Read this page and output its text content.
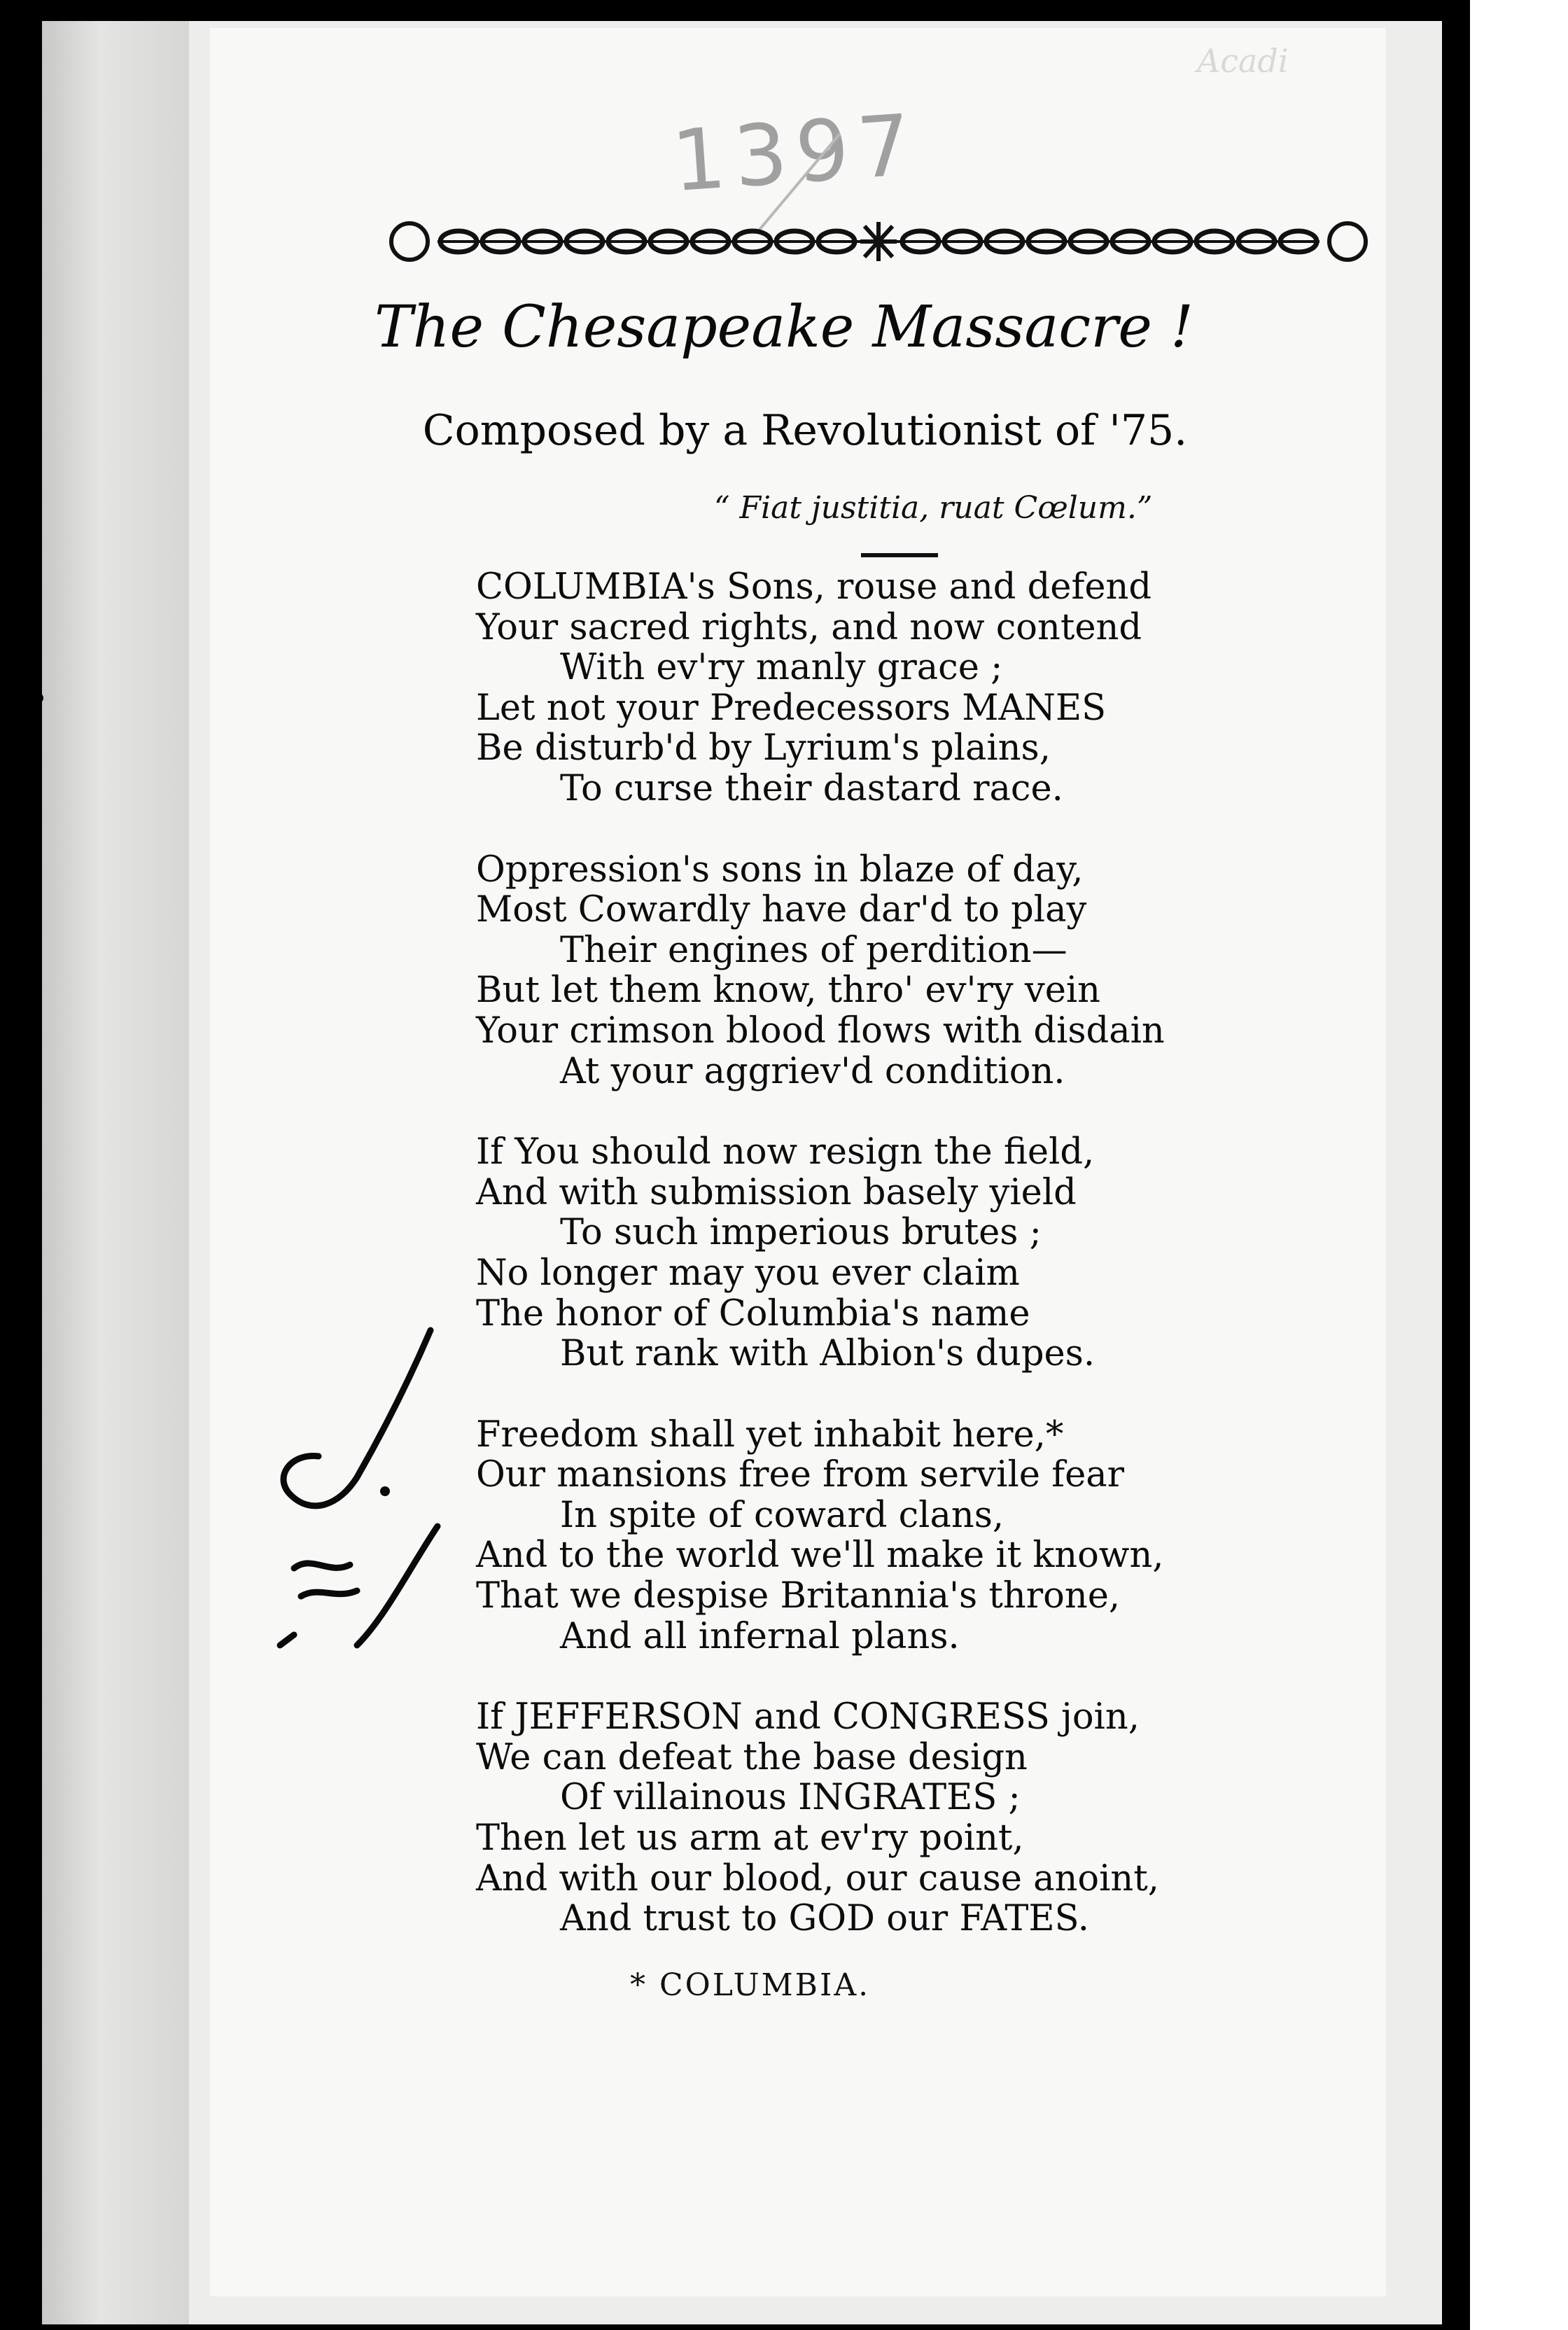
Acadi
1397
The Chesapeake Massacre !
Composed by a Revolutionist of '75.
“ Fiat justitia, ruat Cœlum.”
COLUMBIA's Sons, rouse and defend
Your sacred rights, and now contend
With ev'ry manly grace ;
Let not your Predecessors MANES
Be disturb'd by Lyrium's plains,
To curse their dastard race.
Oppression's sons in blaze of day,
Most Cowardly have dar'd to play
Their engines of perdition—
But let them know, thro' ev'ry vein
Your crimson blood flows with disdain
At your aggriev'd condition.
If You should now resign the field,
And with submission basely yield
To such imperious brutes ;
No longer may you ever claim
The honor of Columbia's name
But rank with Albion's dupes.
Freedom shall yet inhabit here,*
Our mansions free from servile fear
In spite of coward clans,
And to the world we'll make it known,
That we despise Britannia's throne,
And all infernal plans.
If JEFFERSON and CONGRESS join,
We can defeat the base design
Of villainous INGRATES ;
Then let us arm at ev'ry point,
And with our blood, our cause anoint,
And trust to GOD our FATES.
* COLUMBIA.
